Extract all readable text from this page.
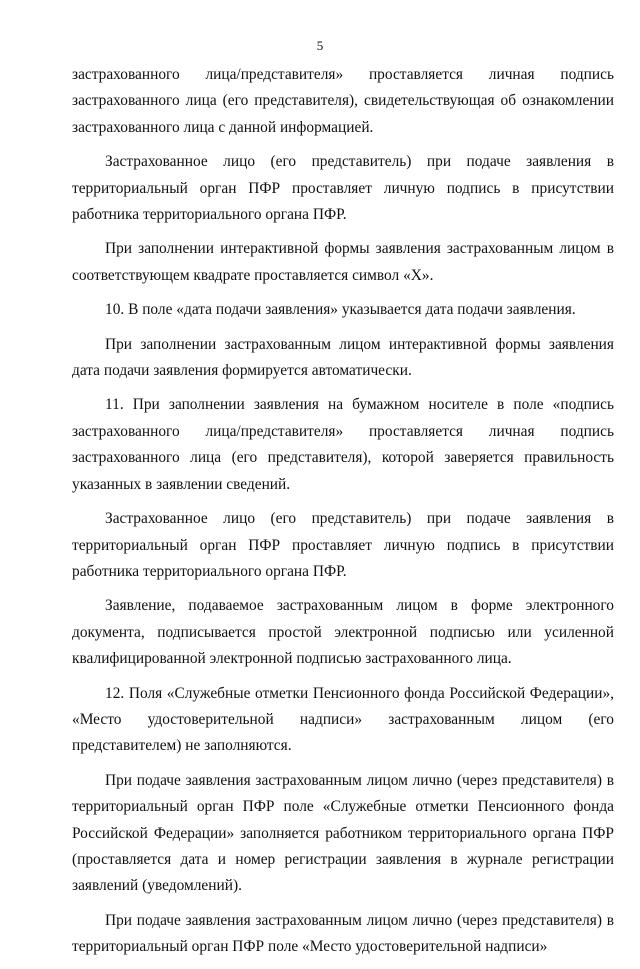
5

застрахованного лица/представителя» проставляется личная подпись застрахованного лица (его представителя), свидетельствующая об ознакомлении застрахованного лица с данной информацией.

Застрахованное лицо (его представитель) при подаче заявления в территориальный орган ПФР проставляет личную подпись в присутствии работника территориального органа ПФР.

При заполнении интерактивной формы заявления застрахованным лицом в соответствующем квадрате проставляется символ «Х».

10. В поле «дата подачи заявления» указывается дата подачи заявления.

При заполнении застрахованным лицом интерактивной формы заявления дата подачи заявления формируется автоматически.

11. При заполнении заявления на бумажном носителе в поле «подпись застрахованного лица/представителя» проставляется личная подпись застрахованного лица (его представителя), которой заверяется правильность указанных в заявлении сведений.

Застрахованное лицо (его представитель) при подаче заявления в территориальный орган ПФР проставляет личную подпись в присутствии работника территориального органа ПФР.

Заявление, подаваемое застрахованным лицом в форме электронного документа, подписывается простой электронной подписью или усиленной квалифицированной электронной подписью застрахованного лица.

12. Поля «Служебные отметки Пенсионного фонда Российской Федерации», «Место удостоверительной надписи» застрахованным лицом (его представителем) не заполняются.

При подаче заявления застрахованным лицом лично (через представителя) в территориальный орган ПФР поле «Служебные отметки Пенсионного фонда Российской Федерации» заполняется работником территориального органа ПФР (проставляется дата и номер регистрации заявления в журнале регистрации заявлений (уведомлений).

При подаче заявления застрахованным лицом лично (через представителя) в территориальный орган ПФР поле «Место удостоверительной надписи»
